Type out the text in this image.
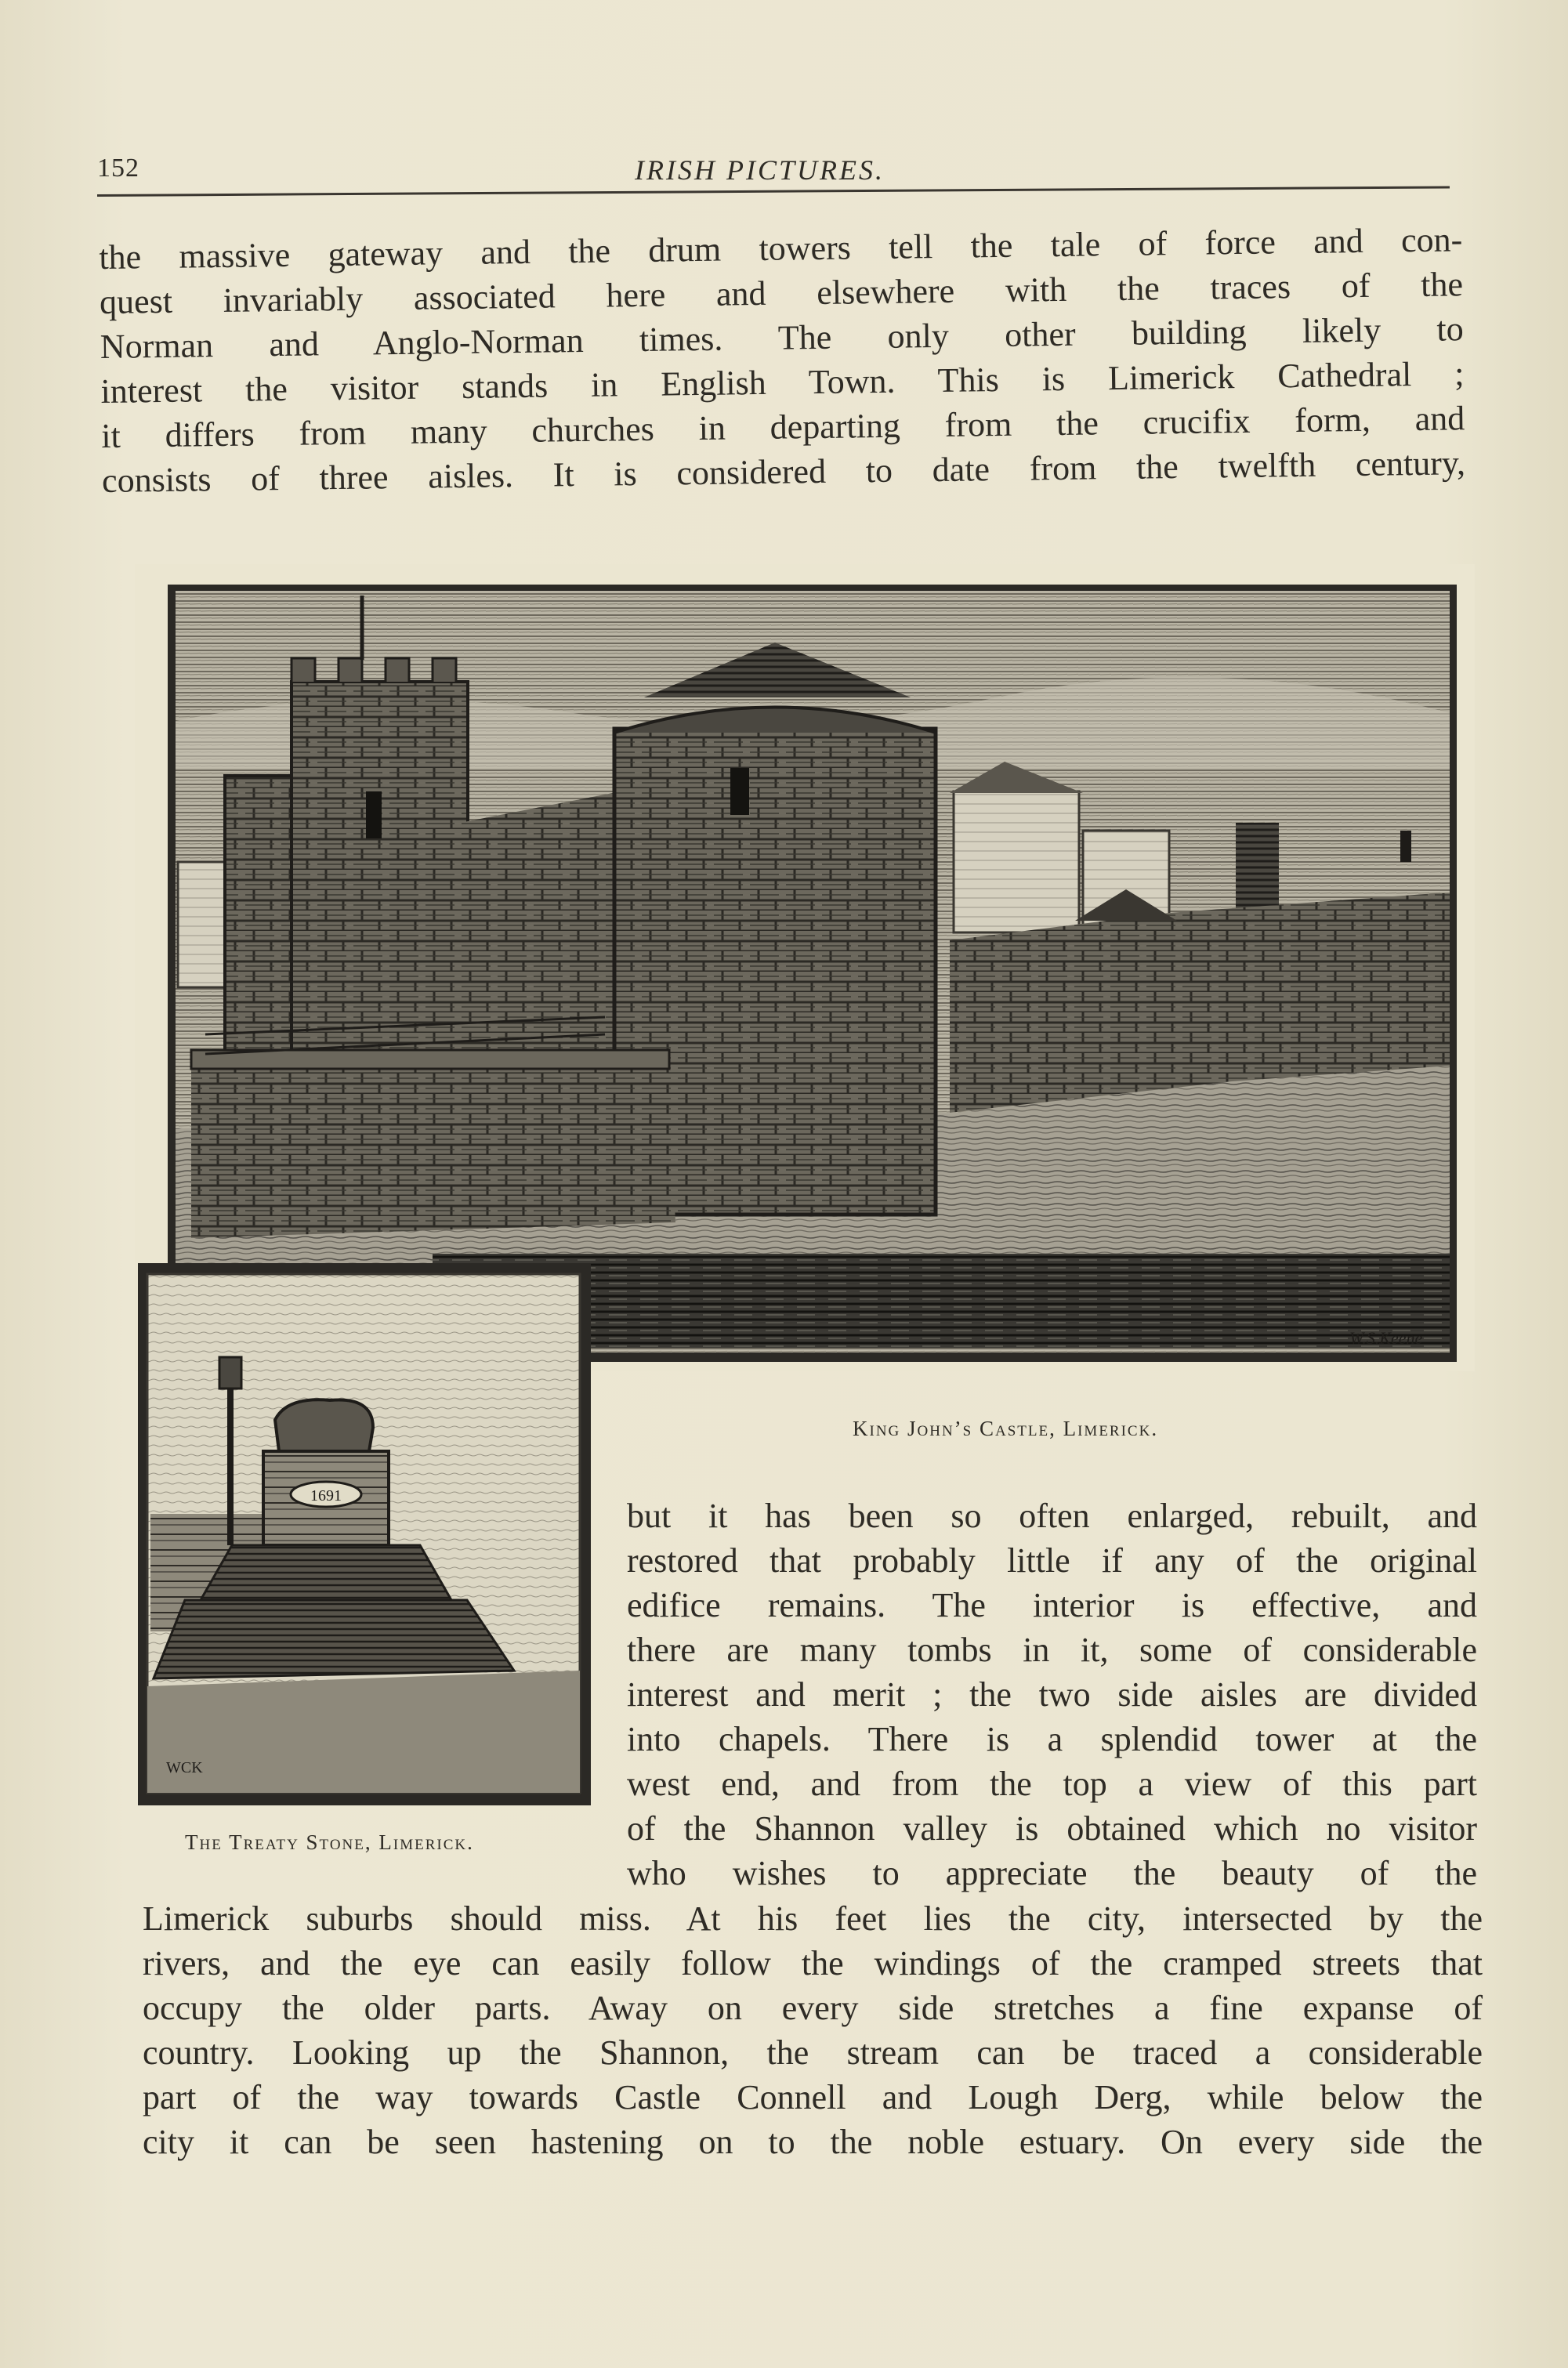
152	IRISH PICTURES.
the massive gateway and the drum towers tell the tale of force and con-
quest invariably associated here and elsewhere with the traces of the
Norman and Anglo-Norman times. The only other building likely to
interest the visitor stands in English Town. This is Limerick Cathedral ;
it differs from many churches in departing from the crucifix form, and
consists of three aisles. It is considered to date from the twelfth century,
W.S.Keene
1691
WCK
King John’s Castle, Limerick.
The Treaty Stone, Limerick.
but it has been so often enlarged, rebuilt, and
restored that probably little if any of the original
edifice remains. The interior is effective, and
there are many tombs in it, some of considerable
interest and merit ; the two side aisles are divided
into chapels. There is a splendid tower at the
west end, and from the top a view of this part
of the Shannon valley is obtained which no visitor
who wishes to appreciate the beauty of the
Limerick suburbs should miss. At his feet lies the city, intersected by the
rivers, and the eye can easily follow the windings of the cramped streets that
occupy the older parts. Away on every side stretches a fine expanse of
country. Looking up the Shannon, the stream can be traced a considerable
part of the way towards Castle Connell and Lough Derg, while below the
city it can be seen hastening on to the noble estuary. On every side the
